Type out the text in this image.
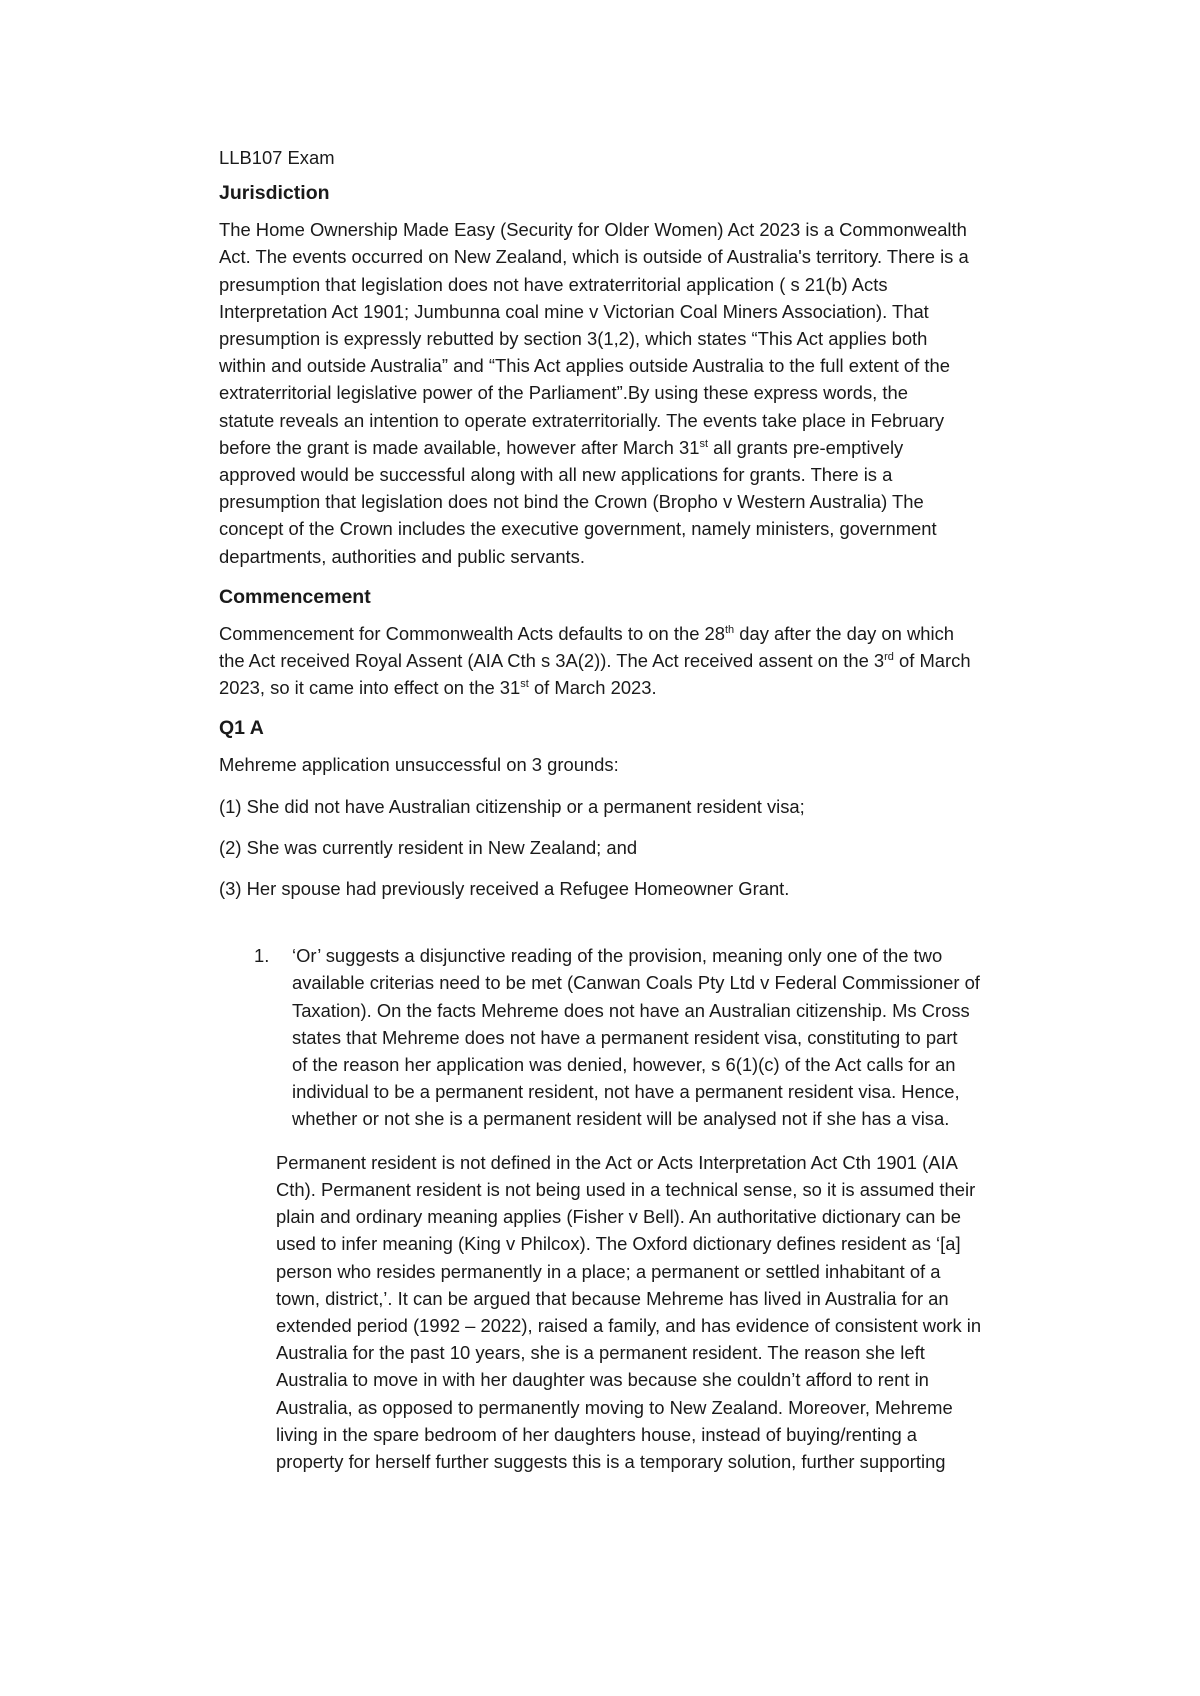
LLB107 Exam
Jurisdiction
The Home Ownership Made Easy (Security for Older Women) Act 2023 is a Commonwealth
Act. The events occurred on New Zealand, which is outside of Australia's territory. There is a
presumption that legislation does not have extraterritorial application ( s 21(b) Acts
Interpretation Act 1901; Jumbunna coal mine v Victorian Coal Miners Association). That
presumption is expressly rebutted by section 3(1,2), which states “This Act applies both
within and outside Australia” and “This Act applies outside Australia to the full extent of the
extraterritorial legislative power of the Parliament”.By using these express words, the
statute reveals an intention to operate extraterritorially. The events take place in February
before the grant is made available, however after March 31st all grants pre-emptively
approved would be successful along with all new applications for grants. There is a
presumption that legislation does not bind the Crown (Bropho v Western Australia) The
concept of the Crown includes the executive government, namely ministers, government
departments, authorities and public servants.
Commencement
Commencement for Commonwealth Acts defaults to on the 28th day after the day on which
the Act received Royal Assent (AIA Cth s 3A(2)). The Act received assent on the 3rd of March
2023, so it came into effect on the 31st of March 2023.
Q1 A
Mehreme application unsuccessful on 3 grounds:
(1) She did not have Australian citizenship or a permanent resident visa;
(2) She was currently resident in New Zealand; and
(3) Her spouse had previously received a Refugee Homeowner Grant.
1. ‘Or’ suggests a disjunctive reading of the provision, meaning only one of the two
available criterias need to be met (Canwan Coals Pty Ltd v Federal Commissioner of
Taxation). On the facts Mehreme does not have an Australian citizenship. Ms Cross
states that Mehreme does not have a permanent resident visa, constituting to part
of the reason her application was denied, however, s 6(1)(c) of the Act calls for an
individual to be a permanent resident, not have a permanent resident visa. Hence,
whether or not she is a permanent resident will be analysed not if she has a visa.
Permanent resident is not defined in the Act or Acts Interpretation Act Cth 1901 (AIA
Cth). Permanent resident is not being used in a technical sense, so it is assumed their
plain and ordinary meaning applies (Fisher v Bell). An authoritative dictionary can be
used to infer meaning (King v Philcox). The Oxford dictionary defines resident as ‘[a]
person who resides permanently in a place; a permanent or settled inhabitant of a
town, district,’. It can be argued that because Mehreme has lived in Australia for an
extended period (1992 – 2022), raised a family, and has evidence of consistent work in
Australia for the past 10 years, she is a permanent resident. The reason she left
Australia to move in with her daughter was because she couldn’t afford to rent in
Australia, as opposed to permanently moving to New Zealand. Moreover, Mehreme
living in the spare bedroom of her daughters house, instead of buying/renting a
property for herself further suggests this is a temporary solution, further supporting
